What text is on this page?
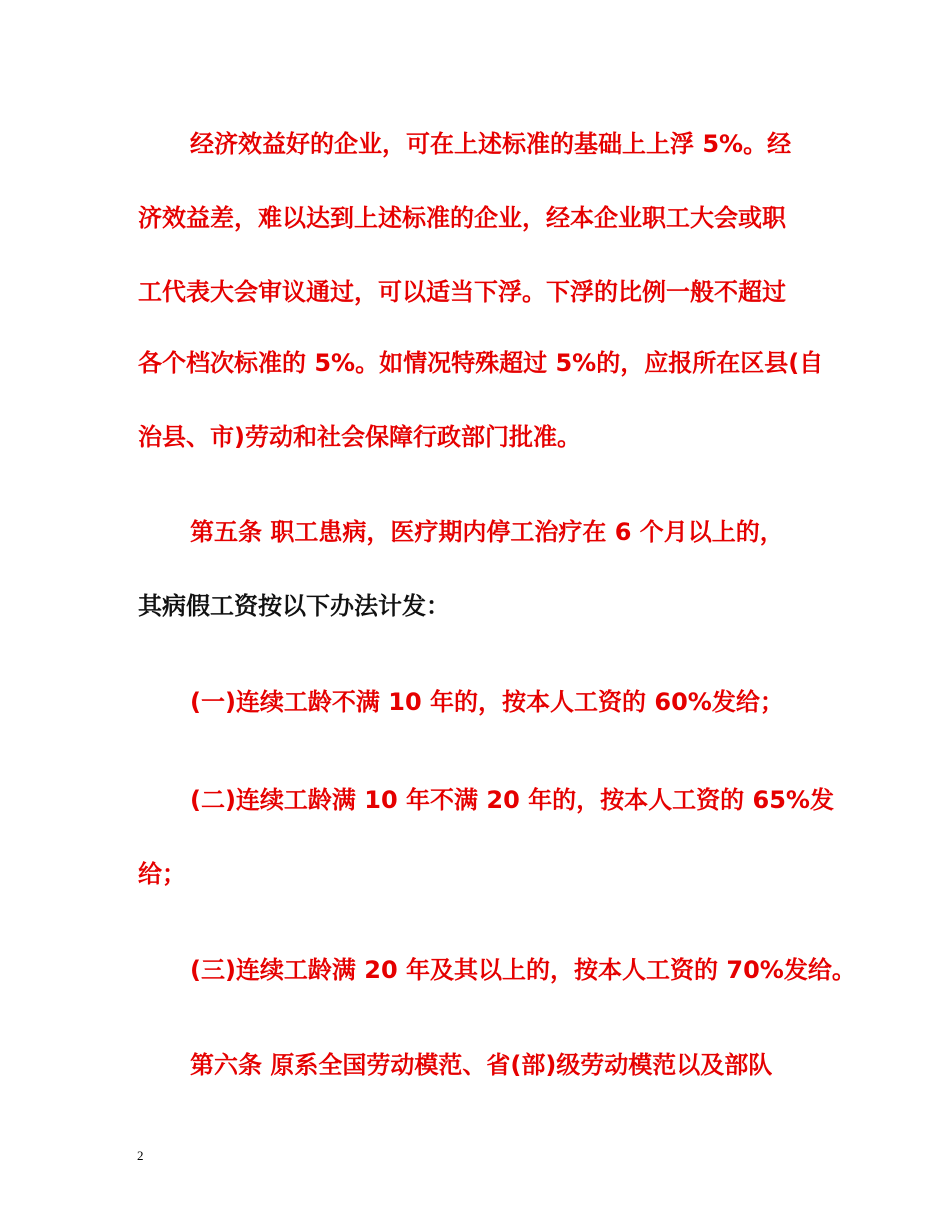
经济效益好的企业，可在上述标准的基础上上浮 5%。经
济效益差，难以达到上述标准的企业，经本企业职工大会或职
工代表大会审议通过，可以适当下浮。下浮的比例一般不超过
各个档次标准的 5%。如情况特殊超过 5%的，应报所在区县(自
治县、市)劳动和社会保障行政部门批准。
第五条 职工患病，医疗期内停工治疗在 6 个月以上的，
其病假工资按以下办法计发：
(一)连续工龄不满 10 年的，按本人工资的 60%发给；
(二)连续工龄满 10 年不满 20 年的，按本人工资的 65%发
给；
(三)连续工龄满 20 年及其以上的，按本人工资的 70%发给。
第六条 原系全国劳动模范、省(部)级劳动模范以及部队
2
